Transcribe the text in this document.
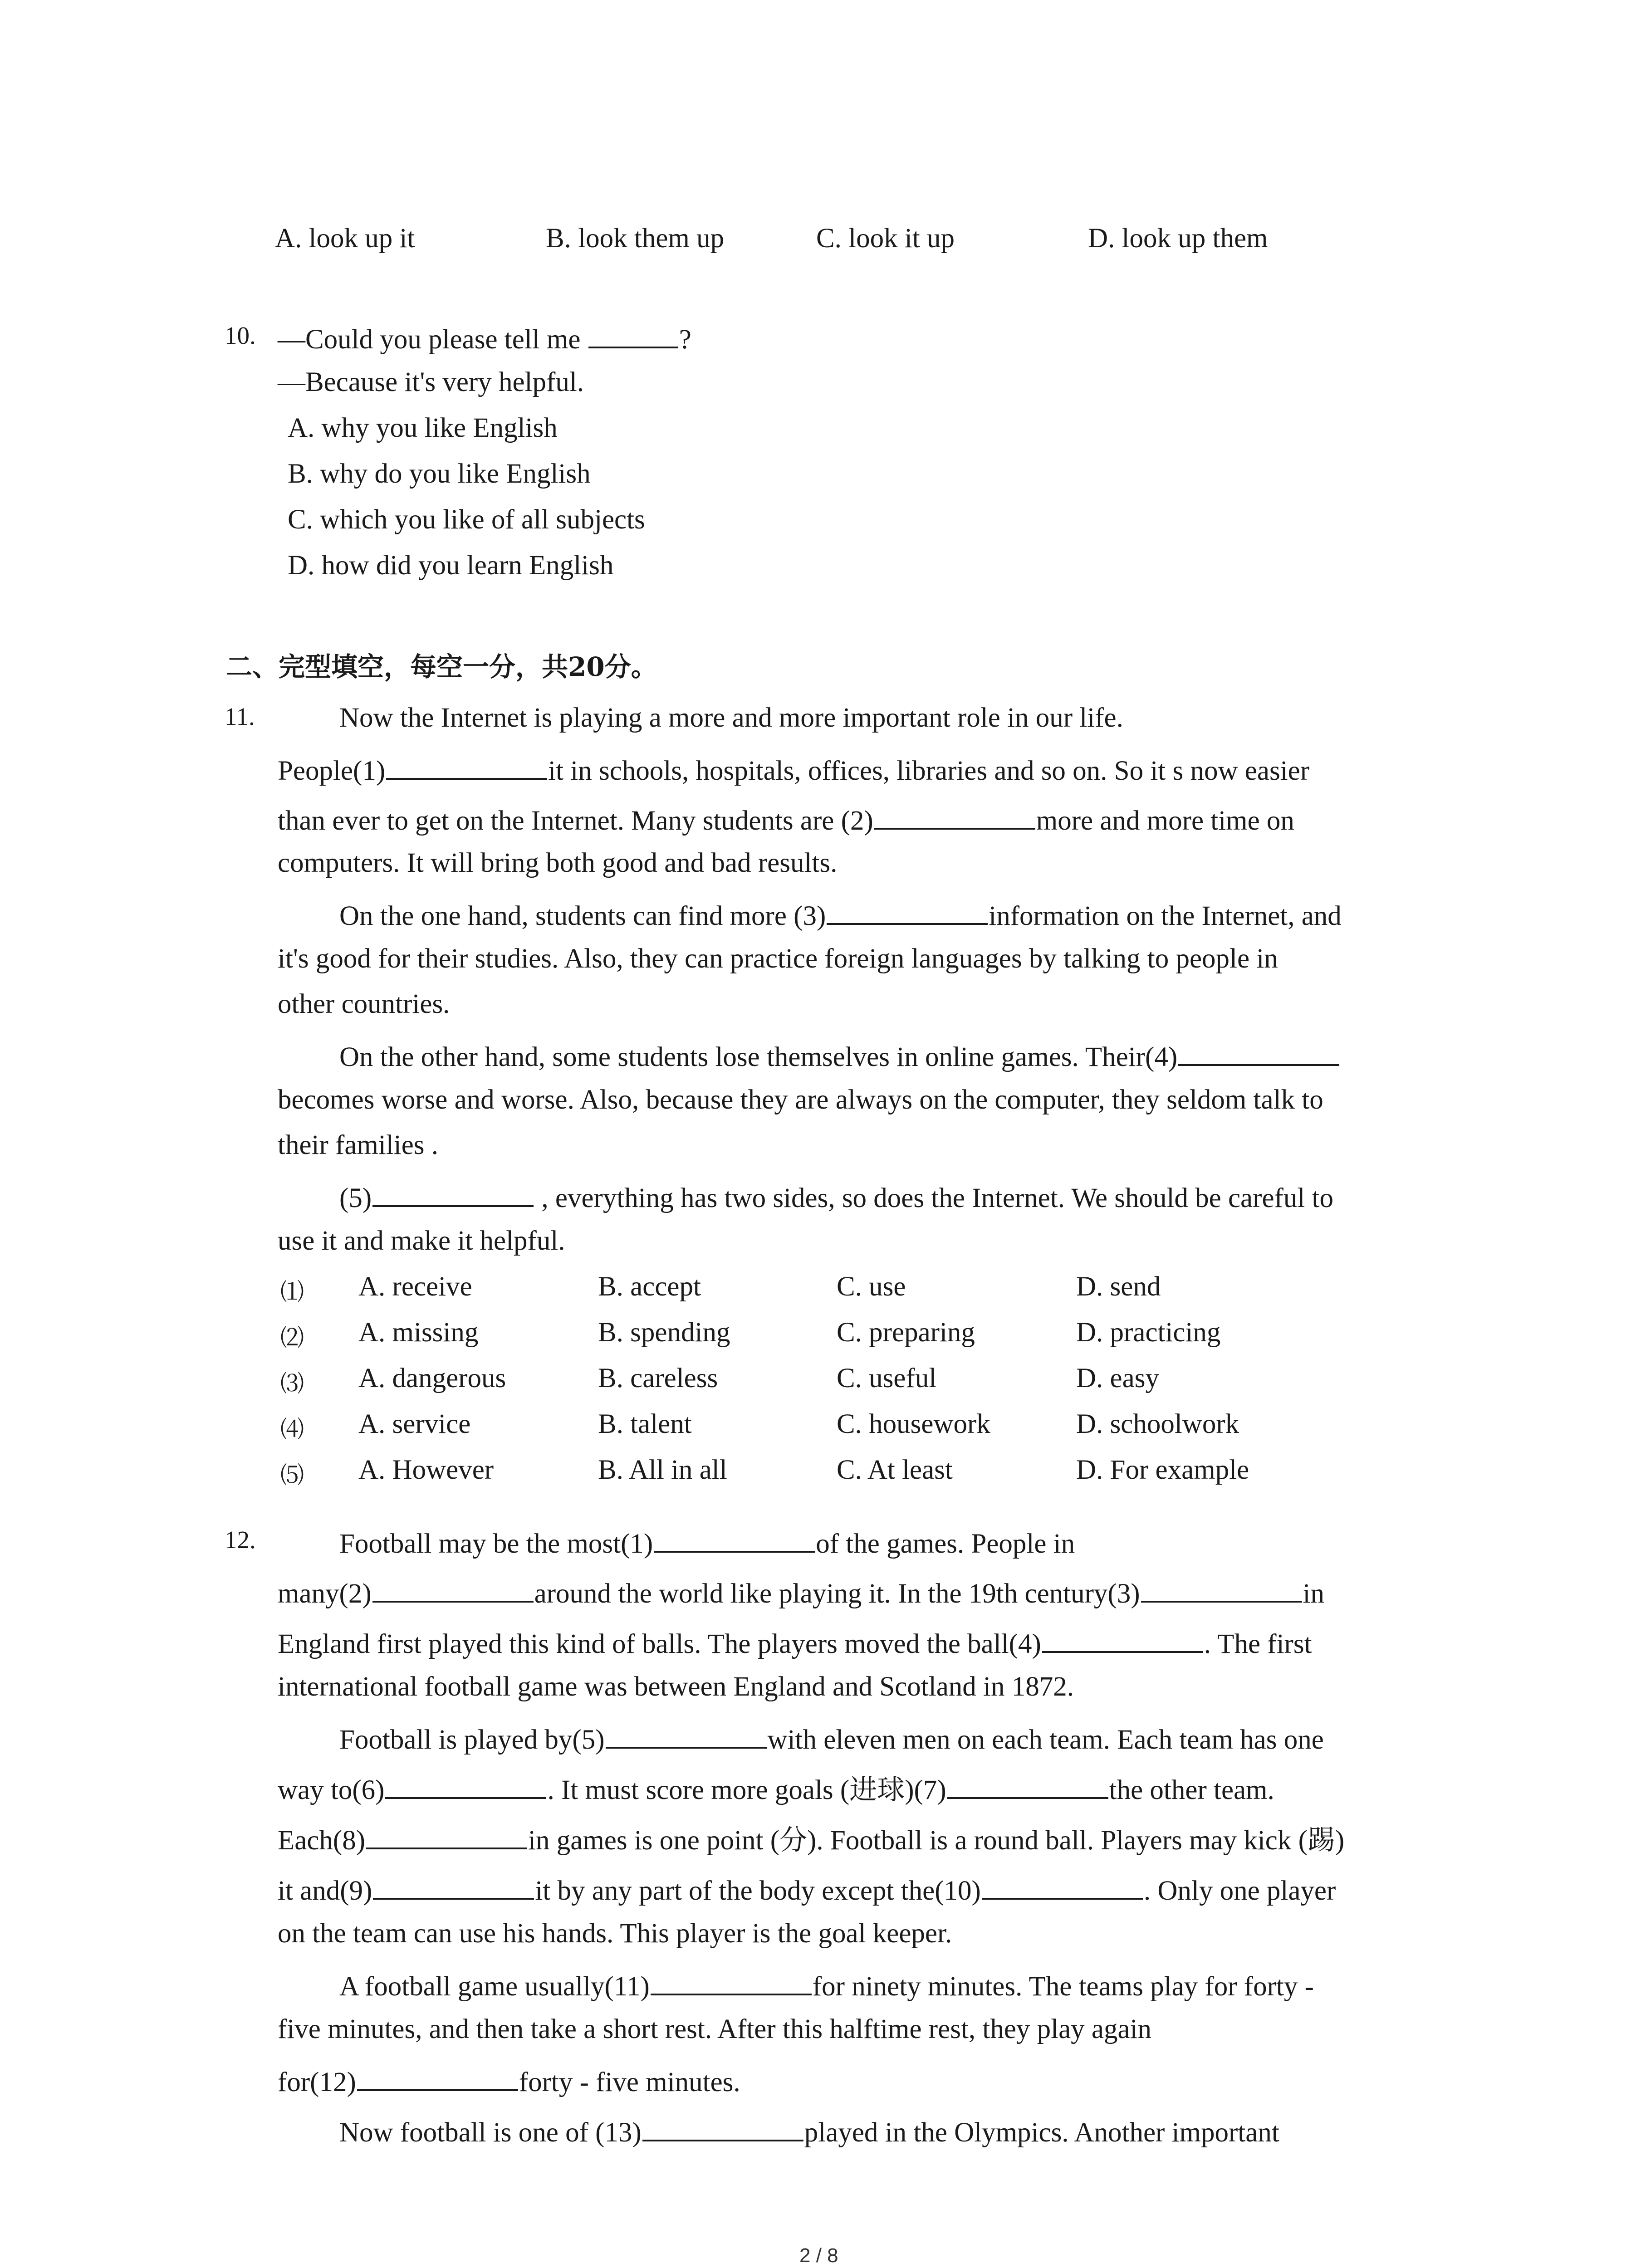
A. look up it	B. look them up	C. look it up	D. look up them
10. —Could you please tell me	?
—Because it's very helpful.
A. why you like English
B. why do you like English
C. which you like of all subjects
D. how did you learn English
二、完型填空，每空一分，共20分。
11.	Now the Internet is playing a more and more important role in our life.
People(1)	it in schools, hospitals, offices, libraries and so on. So it s now easier
than ever to get on the Internet. Many students are (2)	more and more time on
computers. It will bring both good and bad results.
On the one hand, students can find more (3)	information on the Internet, and
it's good for their studies. Also, they can practice foreign languages by talking to people in
other countries.
On the other hand, some students lose themselves in online games. Their(4)
becomes worse and worse. Also, because they are always on the computer, they seldom talk to
their families .
(5)	, everything has two sides, so does the Internet. We should be careful to
use it and make it helpful.
⑴ A. receive	B. accept	C. use	D. send
⑵ A. missing	B. spending	C. preparing	D. practicing
⑶ A. dangerous	B. careless	C. useful	D. easy
⑷ A. service	B. talent	C. housework	D. schoolwork
⑸ A. However	B. All in all	C. At least	D. For example
12.	Football may be the most(1)	of the games. People in
many(2)	around the world like playing it. In the 19th century(3)	in
England first played this kind of balls. The players moved the ball(4)	. The first
international football game was between England and Scotland in 1872.
Football is played by(5)	with eleven men on each team. Each team has one
way to(6)	. It must score more goals (进球)(7)	the other team.
Each(8)	in games is one point (分). Football is a round ball. Players may kick (踢)
it and(9)	it by any part of the body except the(10)	. Only one player
on the team can use his hands. This player is the goal keeper.
A football game usually(11)	for ninety minutes. The teams play for forty -
five minutes, and then take a short rest. After this halftime rest, they play again
for(12)	forty - five minutes.
Now football is one of (13)	played in the Olympics. Another important
2 / 8
